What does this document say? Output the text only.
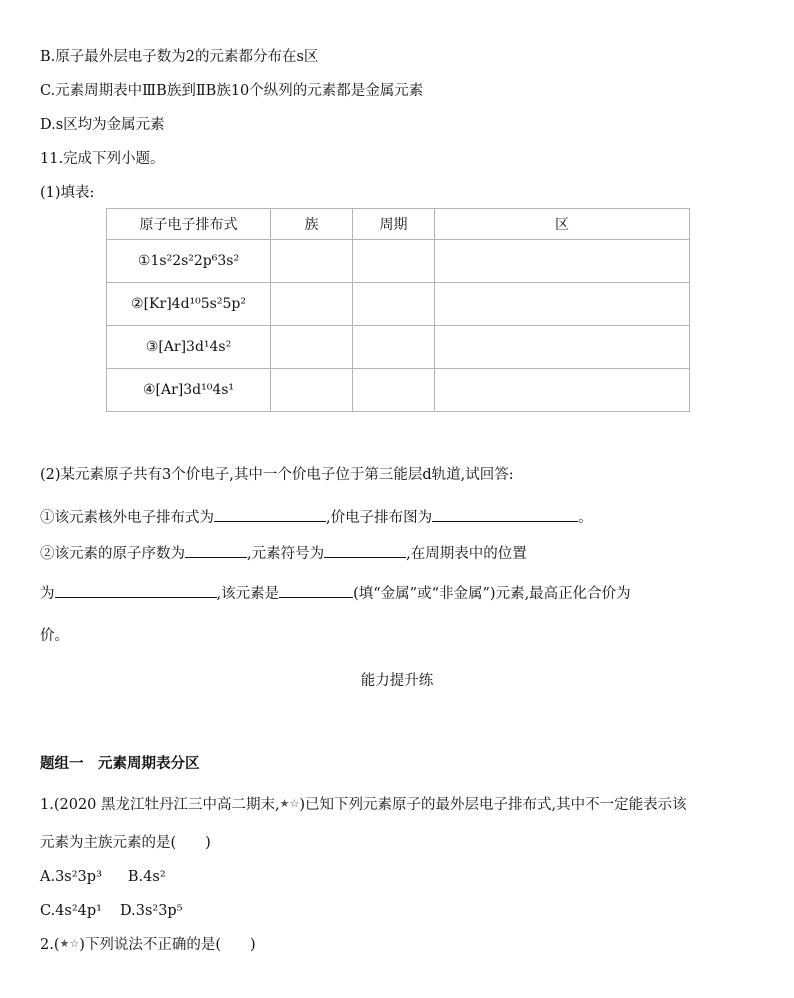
B.原子最外层电子数为2的元素都分布在s区
C.元素周期表中ⅢB族到ⅡB族10个纵列的元素都是金属元素
D.s区均为金属元素
11.完成下列小题。
(1)填表:
原子电子排布式	族	周期	区
①1s²2s²2p⁶3s²			
②[Kr]4d¹⁰5s²5p²			
③[Ar]3d¹4s²			
④[Ar]3d¹⁰4s¹			
(2)某元素原子共有3个价电子,其中一个价电子位于第三能层d轨道,试回答:
①该元素核外电子排布式为	,价电子排布图为	。
②该元素的原子序数为	,元素符号为	,在周期表中的位置
为	,该元素是	(填“金属”或“非金属”)元素,最高正化合价为
价。
能力提升练
题组一　元素周期表分区
1.(2020 黑龙江牡丹江三中高二期末,★☆)已知下列元素原子的最外层电子排布式,其中不一定能表示该
元素为主族元素的是(　　)
A.3s²3p³ B.4s²
C.4s²4p¹ D.3s²3p⁵
2.(★☆)下列说法不正确的是(　　)
